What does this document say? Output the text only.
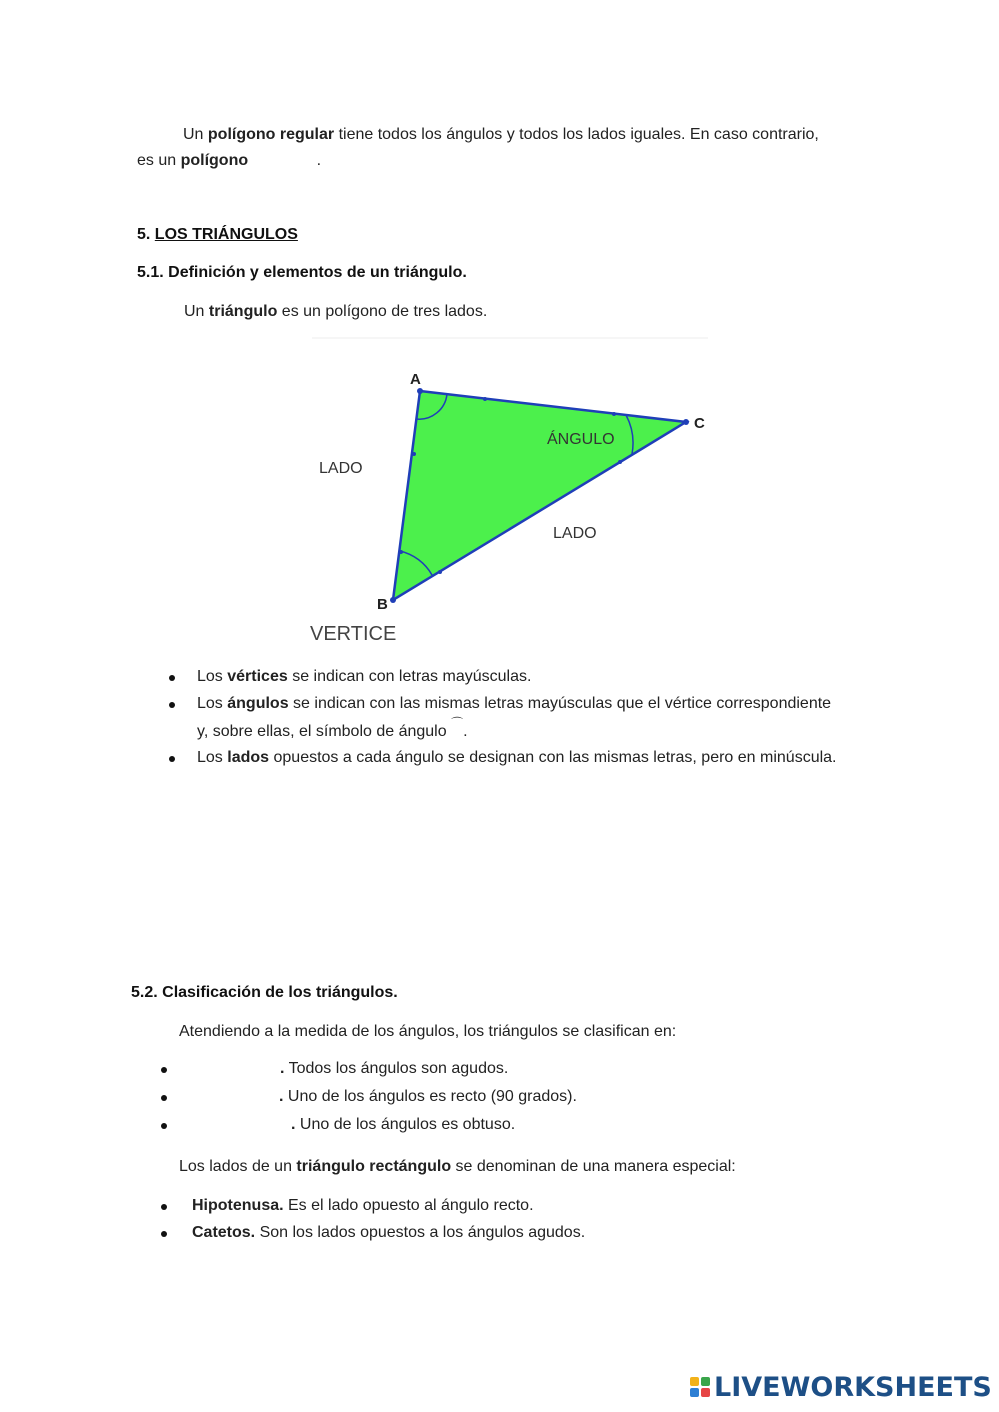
Un polígono regular tiene todos los ángulos y todos los lados iguales. En caso contrario,
es un polígono	.
5. LOS TRIÁNGULOS
5.1. Definición y elementos de un triángulo.
Un triángulo es un polígono de tres lados.
A
B
C
ÁNGULO
LADO
LADO
VERTICE
Los vértices se indican con letras mayúsculas.
Los ángulos se indican con las mismas letras mayúsculas que el vértice correspondiente
y, sobre ellas, el símbolo de ángulo ⌒.
Los lados opuestos a cada ángulo se designan con las mismas letras, pero en minúscula.
5.2. Clasificación de los triángulos.
Atendiendo a la medida de los ángulos, los triángulos se clasifican en:
. Todos los ángulos son agudos.
. Uno de los ángulos es recto (90 grados).
. Uno de los ángulos es obtuso.
Los lados de un triángulo rectángulo se denominan de una manera especial:
Hipotenusa. Es el lado opuesto al ángulo recto.
Catetos. Son los lados opuestos a los ángulos agudos.
LIVEWORKSHEETS
